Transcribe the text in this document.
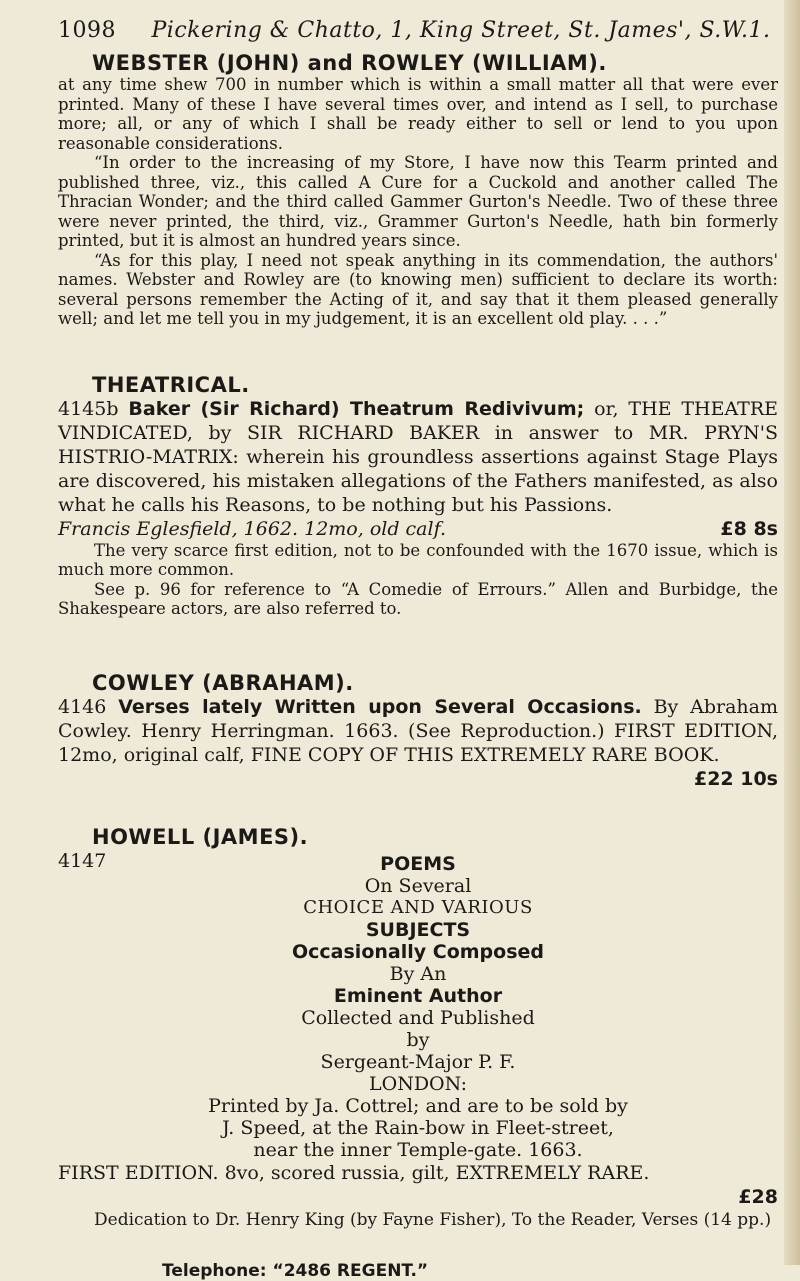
1098 Pickering & Chatto, 1, King Street, St. James', S.W.1.
WEBSTER (JOHN) and ROWLEY (WILLIAM).

at any time shew 700 in number which is within a small matter all that were ever printed. Many of these I have several times over, and intend as I sell, to purchase more; all, or any of which I shall be ready either to sell or lend to you upon reasonable considerations.

“In order to the increasing of my Store, I have now this Tearm printed and published three, viz., this called A Cure for a Cuckold and another called The Thracian Wonder; and the third called Gammer Gurton's Needle. Two of these three were never printed, the third, viz., Grammer Gurton's Needle, hath bin formerly printed, but it is almost an hundred years since.

“As for this play, I need not speak anything in its commendation, the authors' names. Webster and Rowley are (to knowing men) sufficient to declare its worth: several persons remember the Acting of it, and say that it them pleased generally well; and let me tell you in my judgement, it is an excellent old play. . . .”

THEATRICAL.

4145b Baker (Sir Richard) Theatrum Redivivum; or, THE THEATRE VINDICATED, by SIR RICHARD BAKER in answer to MR. PRYN'S HISTRIO-MATRIX: wherein his groundless assertions against Stage Plays are discovered, his mistaken allegations of the Fathers manifested, as also what he calls his Reasons, to be nothing but his Passions.

Francis Eglesfield, 1662. 12mo, old calf.	£8 8s

The very scarce first edition, not to be confounded with the 1670 issue, which is much more common.

See p. 96 for reference to “A Comedie of Errours.” Allen and Burbidge, the Shakespeare actors, are also referred to.

COWLEY (ABRAHAM).

4146 Verses lately Written upon Several Occasions. By Abraham Cowley. Henry Herringman. 1663. (See Reproduction.) FIRST EDITION, 12mo, original calf, FINE COPY OF THIS EXTREMELY RARE BOOK.

£22 10s

HOWELL (JAMES).
4147	POEMS
On Several
CHOICE AND VARIOUS
SUBJECTS
Occasionally Composed
By An
Eminent Author
Collected and Published
by
Sergeant-Major P. F.
LONDON:
Printed by Ja. Cottrel; and are to be sold by
J. Speed, at the Rain-bow in Fleet-street,
near the inner Temple-gate. 1663.

FIRST EDITION. 8vo, scored russia, gilt, EXTREMELY RARE.

£28

Dedication to Dr. Henry King (by Fayne Fisher), To the Reader, Verses (14 pp.)

Telephone: “2486 REGENT.”
